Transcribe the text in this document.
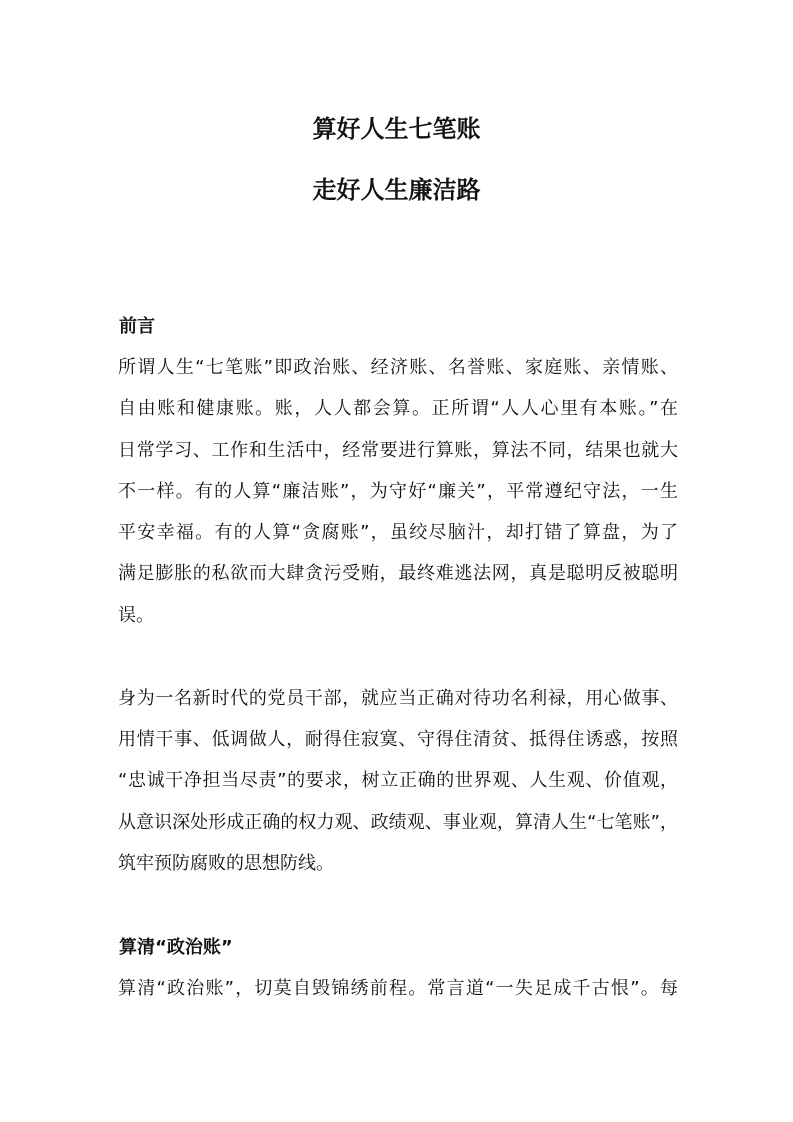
算好人生七笔账
走好人生廉洁路
前言
所谓人生“七笔账”即政治账、经济账、名誉账、家庭账、亲情账、
自由账和健康账。账，人人都会算。正所谓“人人心里有本账。”在
日常学习、工作和生活中，经常要进行算账，算法不同，结果也就大
不一样。有的人算“廉洁账”，为守好“廉关”，平常遵纪守法，一生
平安幸福。有的人算“贪腐账”，虽绞尽脑汁，却打错了算盘，为了
满足膨胀的私欲而大肆贪污受贿，最终难逃法网，真是聪明反被聪明
误。
身为一名新时代的党员干部，就应当正确对待功名利禄，用心做事、
用情干事、低调做人，耐得住寂寞、守得住清贫、抵得住诱惑，按照
“忠诚干净担当尽责”的要求，树立正确的世界观、人生观、价值观，
从意识深处形成正确的权力观、政绩观、事业观，算清人生“七笔账”，
筑牢预防腐败的思想防线。
算清“政治账”
算清“政治账”，切莫自毁锦绣前程。常言道“一失足成千古恨”。每
